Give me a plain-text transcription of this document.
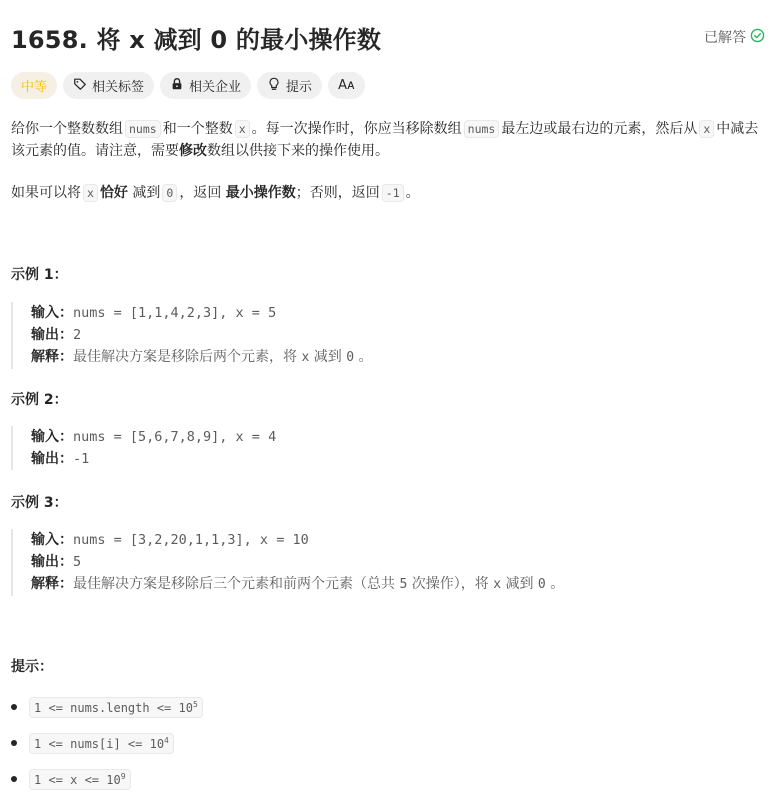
1658. 将 x 减到 0 的最小操作数	已解答
中等	相关标签	相关企业	提示	Aᴀ
给你一个整数数组 nums 和一个整数 x 。每一次操作时，你应当移除数组 nums 最左边或最右边的元素，然后从 x 中减去该元素的值。请注意，需要修改数组以供接下来的操作使用。
如果可以将 x 恰好 减到 0 ，返回 最小操作数；否则，返回 -1 。
示例 1：
输入：nums = [1,1,4,2,3], x = 5
输出：2
解释：最佳解决方案是移除后两个元素，将 x 减到 0 。
示例 2：
输入：nums = [5,6,7,8,9], x = 4
输出：-1
示例 3：
输入：nums = [3,2,20,1,1,3], x = 10
输出：5
解释：最佳解决方案是移除后三个元素和前两个元素（总共 5 次操作），将 x 减到 0 。
提示：
1 <= nums.length <= $10^5$
1 <= nums[i] <= $10^4$
$1 <= x <= 10^9$
